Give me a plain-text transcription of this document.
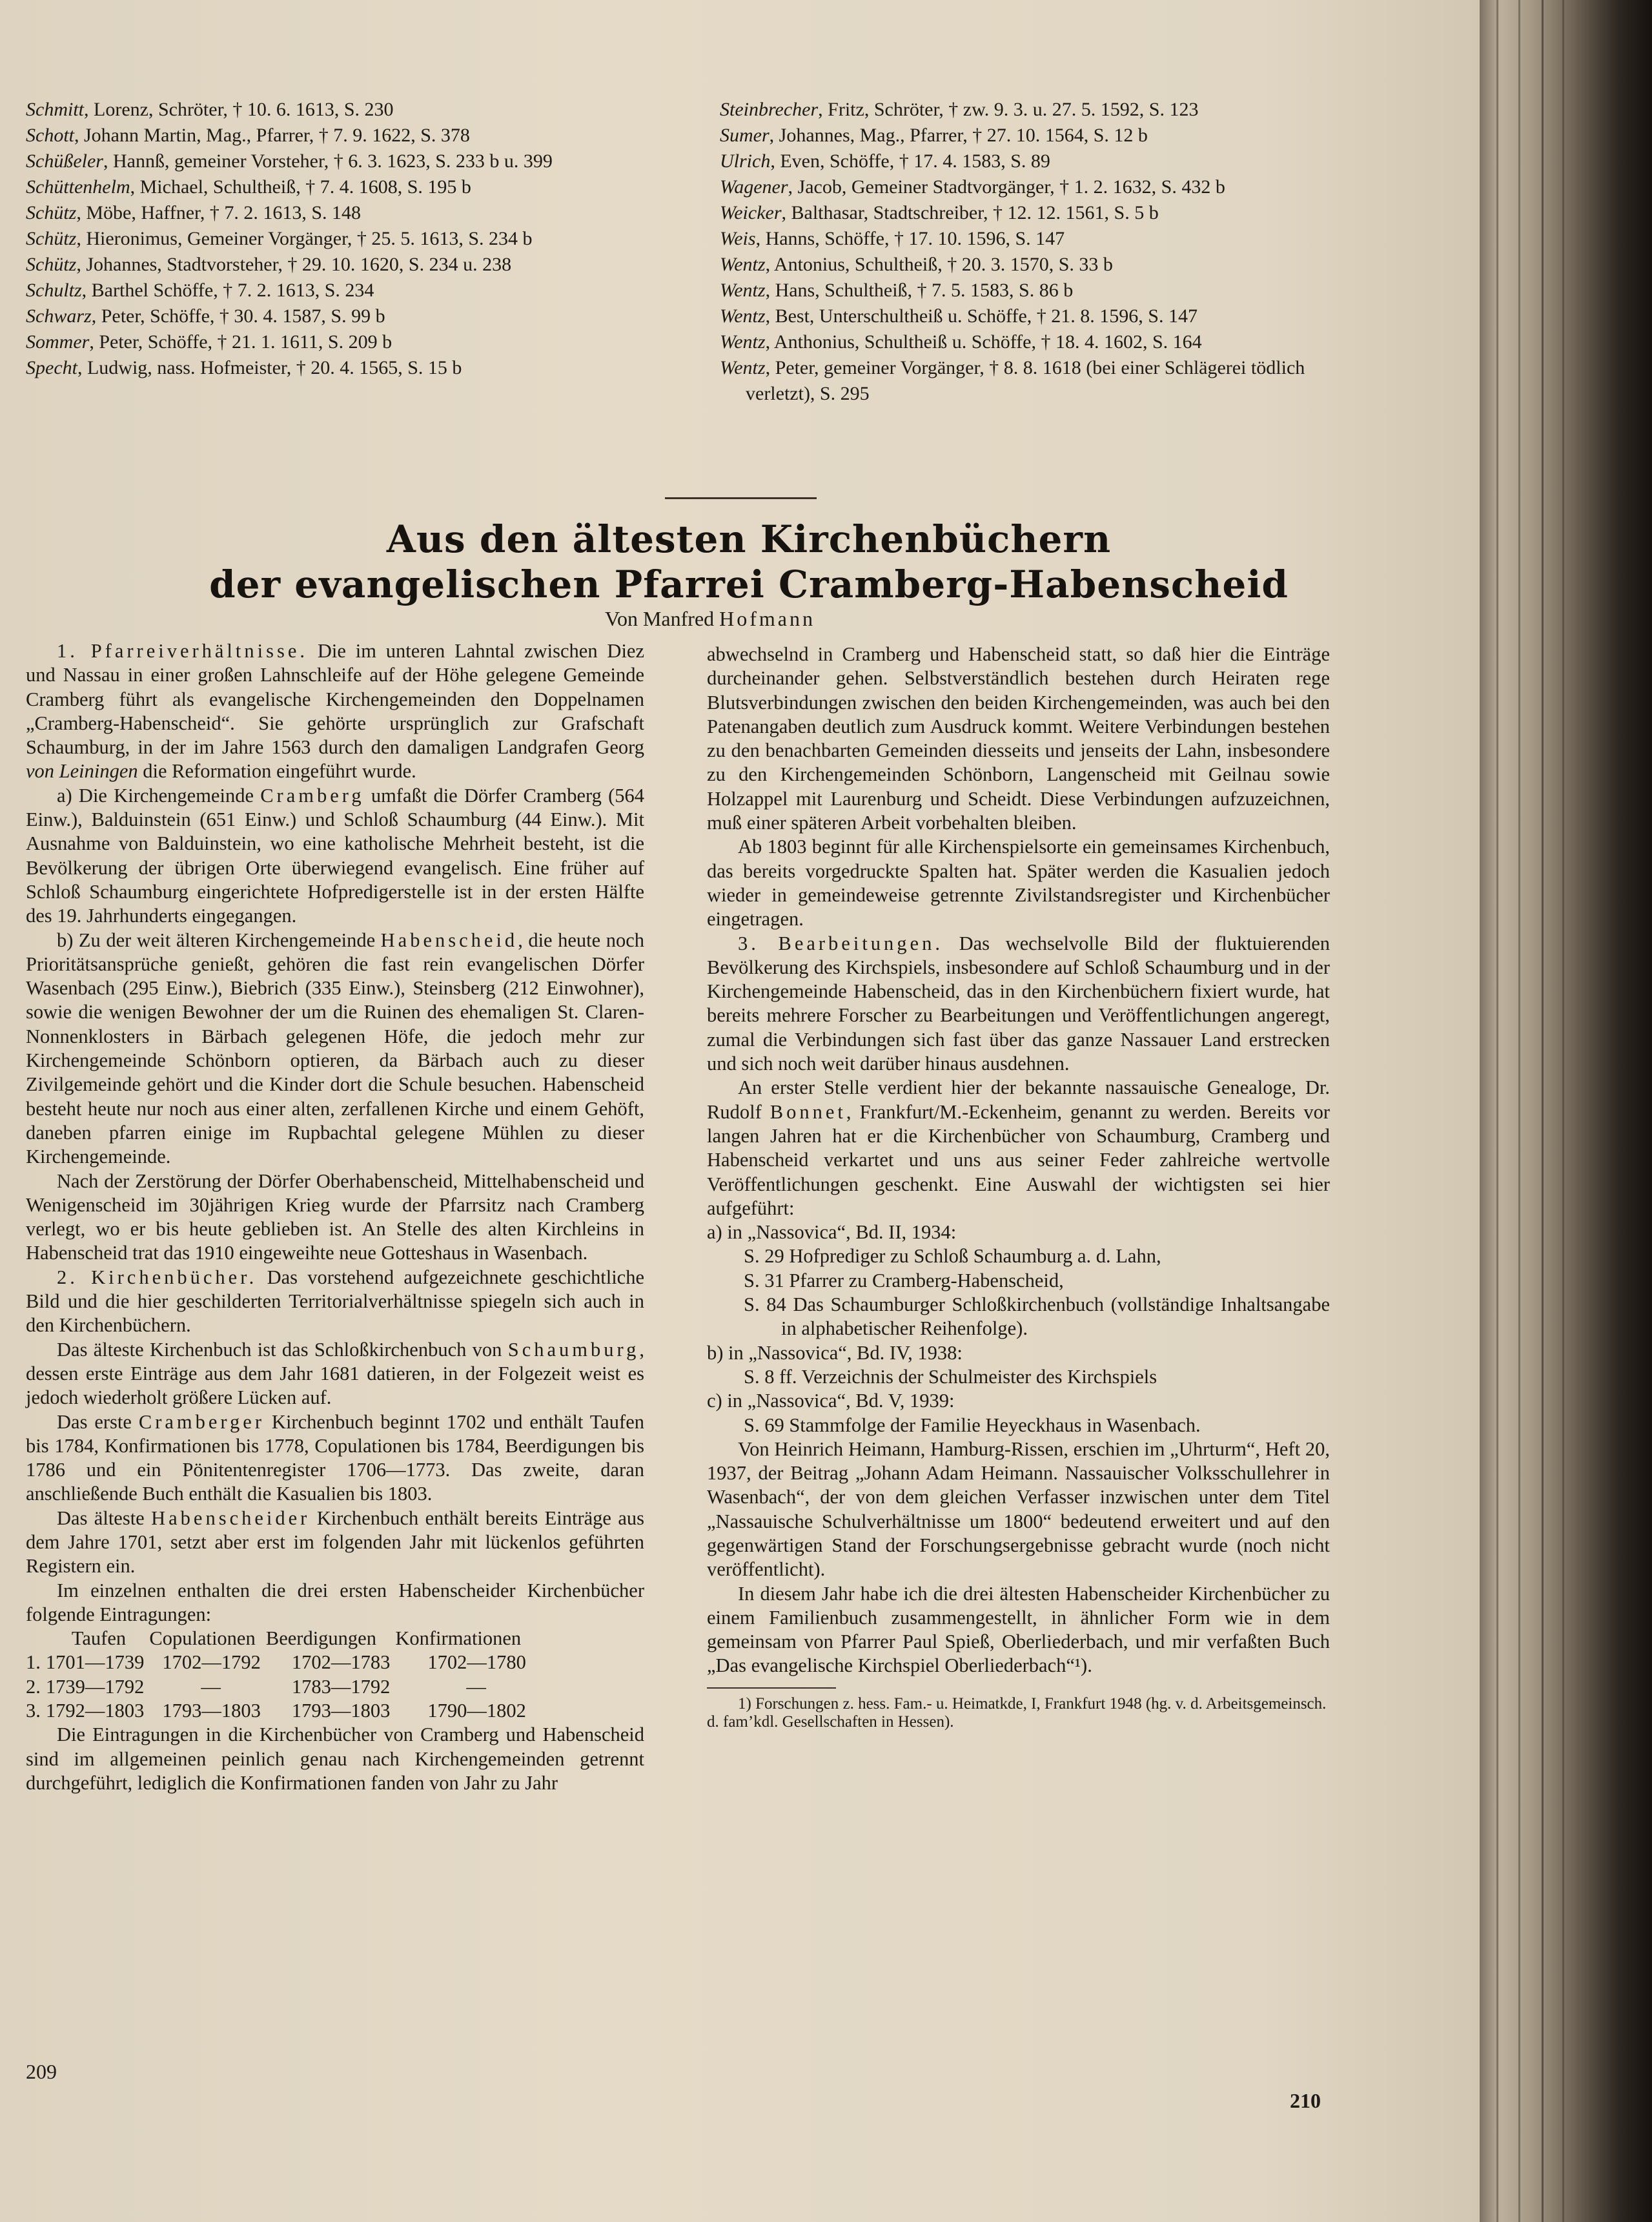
Schmitt, Lorenz, Schröter, † 10. 6. 1613, S. 230

Schott, Johann Martin, Mag., Pfarrer, † 7. 9. 1622, S. 378

Schüßeler, Hannß, gemeiner Vorsteher, † 6. 3. 1623, S. 233 b u. 399

Schüttenhelm, Michael, Schultheiß, † 7. 4. 1608, S. 195 b

Schütz, Möbe, Haffner, † 7. 2. 1613, S. 148

Schütz, Hieronimus, Gemeiner Vorgänger, † 25. 5. 1613, S. 234 b

Schütz, Johannes, Stadtvorsteher, † 29. 10. 1620, S. 234 u. 238

Schultz, Barthel Schöffe, † 7. 2. 1613, S. 234

Schwarz, Peter, Schöffe, † 30. 4. 1587, S. 99 b

Sommer, Peter, Schöffe, † 21. 1. 1611, S. 209 b

Specht, Ludwig, nass. Hofmeister, † 20. 4. 1565, S. 15 b

Steinbrecher, Fritz, Schröter, † zw. 9. 3. u. 27. 5. 1592, S. 123

Sumer, Johannes, Mag., Pfarrer, † 27. 10. 1564, S. 12 b

Ulrich, Even, Schöffe, † 17. 4. 1583, S. 89

Wagener, Jacob, Gemeiner Stadtvorgänger, † 1. 2. 1632, S. 432 b

Weicker, Balthasar, Stadtschreiber, † 12. 12. 1561, S. 5 b

Weis, Hanns, Schöffe, † 17. 10. 1596, S. 147

Wentz, Antonius, Schultheiß, † 20. 3. 1570, S. 33 b

Wentz, Hans, Schultheiß, † 7. 5. 1583, S. 86 b

Wentz, Best, Unterschultheiß u. Schöffe, † 21. 8. 1596, S. 147

Wentz, Anthonius, Schultheiß u. Schöffe, † 18. 4. 1602, S. 164

Wentz, Peter, gemeiner Vorgänger, † 8. 8. 1618 (bei einer Schlägerei tödlich verletzt), S. 295

Aus den ältesten Kirchenbüchern
der evangelischen Pfarrei Cramberg-Habenscheid

Von Manfred Hofmann

1. Pfarreiverhältnisse. Die im unteren Lahntal zwischen Diez und Nassau in einer großen Lahnschleife auf der Höhe gelegene Gemeinde Cramberg führt als evangelische Kirchengemeinden den Doppelnamen „Cramberg-Habenscheid“. Sie gehörte ursprünglich zur Grafschaft Schaumburg, in der im Jahre 1563 durch den damaligen Landgrafen Georg von Leiningen die Reformation eingeführt wurde.

a) Die Kirchengemeinde Cramberg umfaßt die Dörfer Cramberg (564 Einw.), Balduinstein (651 Einw.) und Schloß Schaumburg (44 Einw.). Mit Ausnahme von Balduinstein, wo eine katholische Mehrheit besteht, ist die Bevölkerung der übrigen Orte überwiegend evangelisch. Eine früher auf Schloß Schaumburg eingerichtete Hofpredigerstelle ist in der ersten Hälfte des 19. Jahrhunderts eingegangen.

b) Zu der weit älteren Kirchengemeinde Habenscheid, die heute noch Prioritätsansprüche genießt, gehören die fast rein evangelischen Dörfer Wasenbach (295 Einw.), Biebrich (335 Einw.), Steinsberg (212 Einwohner), sowie die wenigen Bewohner der um die Ruinen des ehemaligen St. Claren-Nonnenklosters in Bärbach gelegenen Höfe, die jedoch mehr zur Kirchengemeinde Schönborn optieren, da Bärbach auch zu dieser Zivilgemeinde gehört und die Kinder dort die Schule besuchen. Habenscheid besteht heute nur noch aus einer alten, zerfallenen Kirche und einem Gehöft, daneben pfarren einige im Rupbachtal gelegene Mühlen zu dieser Kirchengemeinde.

Nach der Zerstörung der Dörfer Oberhabenscheid, Mittelhabenscheid und Wenigenscheid im 30jährigen Krieg wurde der Pfarrsitz nach Cramberg verlegt, wo er bis heute geblieben ist. An Stelle des alten Kirchleins in Habenscheid trat das 1910 eingeweihte neue Gotteshaus in Wasenbach.

2. Kirchenbücher. Das vorstehend aufgezeichnete geschichtliche Bild und die hier geschilderten Territorialverhältnisse spiegeln sich auch in den Kirchenbüchern.

Das älteste Kirchenbuch ist das Schloßkirchenbuch von Schaumburg, dessen erste Einträge aus dem Jahr 1681 datieren, in der Folgezeit weist es jedoch wiederholt größere Lücken auf.

Das erste Cramberger Kirchenbuch beginnt 1702 und enthält Taufen bis 1784, Konfirmationen bis 1778, Copulationen bis 1784, Beerdigungen bis 1786 und ein Pönitentenregister 1706—1773. Das zweite, daran anschließende Buch enthält die Kasualien bis 1803.

Das älteste Habenscheider Kirchenbuch enthält bereits Einträge aus dem Jahre 1701, setzt aber erst im folgenden Jahr mit lückenlos geführten Registern ein.

Im einzelnen enthalten die drei ersten Habenscheider Kirchenbücher folgende Eintragungen:

	Taufen	Copulationen	Beerdigungen	Konfirmationen
1.	1701—1739	1702—1792	1702—1783	1702—1780
2.	1739—1792	—	1783—1792	—
3.	1792—1803	1793—1803	1793—1803	1790—1802

Die Eintragungen in die Kirchenbücher von Cramberg und Habenscheid sind im allgemeinen peinlich genau nach Kirchengemeinden getrennt durchgeführt, lediglich die Konfirmationen fanden von Jahr zu Jahr

abwechselnd in Cramberg und Habenscheid statt, so daß hier die Einträge durcheinander gehen. Selbstverständlich bestehen durch Heiraten rege Blutsverbindungen zwischen den beiden Kirchengemeinden, was auch bei den Patenangaben deutlich zum Ausdruck kommt. Weitere Verbindungen bestehen zu den benachbarten Gemeinden diesseits und jenseits der Lahn, insbesondere zu den Kirchengemeinden Schönborn, Langenscheid mit Geilnau sowie Holzappel mit Laurenburg und Scheidt. Diese Verbindungen aufzuzeichnen, muß einer späteren Arbeit vorbehalten bleiben.

Ab 1803 beginnt für alle Kirchenspielsorte ein gemeinsames Kirchenbuch, das bereits vorgedruckte Spalten hat. Später werden die Kasualien jedoch wieder in gemeindeweise getrennte Zivilstandsregister und Kirchenbücher eingetragen.

3. Bearbeitungen. Das wechselvolle Bild der fluktuierenden Bevölkerung des Kirchspiels, insbesondere auf Schloß Schaumburg und in der Kirchengemeinde Habenscheid, das in den Kirchenbüchern fixiert wurde, hat bereits mehrere Forscher zu Bearbeitungen und Veröffentlichungen angeregt, zumal die Verbindungen sich fast über das ganze Nassauer Land erstrecken und sich noch weit darüber hinaus ausdehnen.

An erster Stelle verdient hier der bekannte nassauische Genealoge, Dr. Rudolf Bonnet, Frankfurt/M.-Eckenheim, genannt zu werden. Bereits vor langen Jahren hat er die Kirchenbücher von Schaumburg, Cramberg und Habenscheid verkartet und uns aus seiner Feder zahlreiche wertvolle Veröffentlichungen geschenkt. Eine Auswahl der wichtigsten sei hier aufgeführt:

a) in „Nassovica“, Bd. II, 1934:
S. 29 Hofprediger zu Schloß Schaumburg a. d. Lahn,
S. 31 Pfarrer zu Cramberg-Habenscheid,
S. 84 Das Schaumburger Schloßkirchenbuch (vollständige Inhaltsangabe in alphabetischer Reihenfolge).
b) in „Nassovica“, Bd. IV, 1938:
S. 8 ff. Verzeichnis der Schulmeister des Kirchspiels
c) in „Nassovica“, Bd. V, 1939:
S. 69 Stammfolge der Familie Heyeckhaus in Wasenbach.

Von Heinrich Heimann, Hamburg-Rissen, erschien im „Uhrturm“, Heft 20, 1937, der Beitrag „Johann Adam Heimann. Nassauischer Volksschullehrer in Wasenbach“, der von dem gleichen Verfasser inzwischen unter dem Titel „Nassauische Schulverhältnisse um 1800“ bedeutend erweitert und auf den gegenwärtigen Stand der Forschungsergebnisse gebracht wurde (noch nicht veröffentlicht).

In diesem Jahr habe ich die drei ältesten Habenscheider Kirchenbücher zu einem Familienbuch zusammengestellt, in ähnlicher Form wie in dem gemeinsam von Pfarrer Paul Spieß, Oberliederbach, und mir verfaßten Buch „Das evangelische Kirchspiel Oberliederbach“¹).

1) Forschungen z. hess. Fam.- u. Heimatkde, I, Frankfurt 1948 (hg. v. d. Arbeitsgemeinsch. d. fam’kdl. Gesellschaften in Hessen).

209
210
